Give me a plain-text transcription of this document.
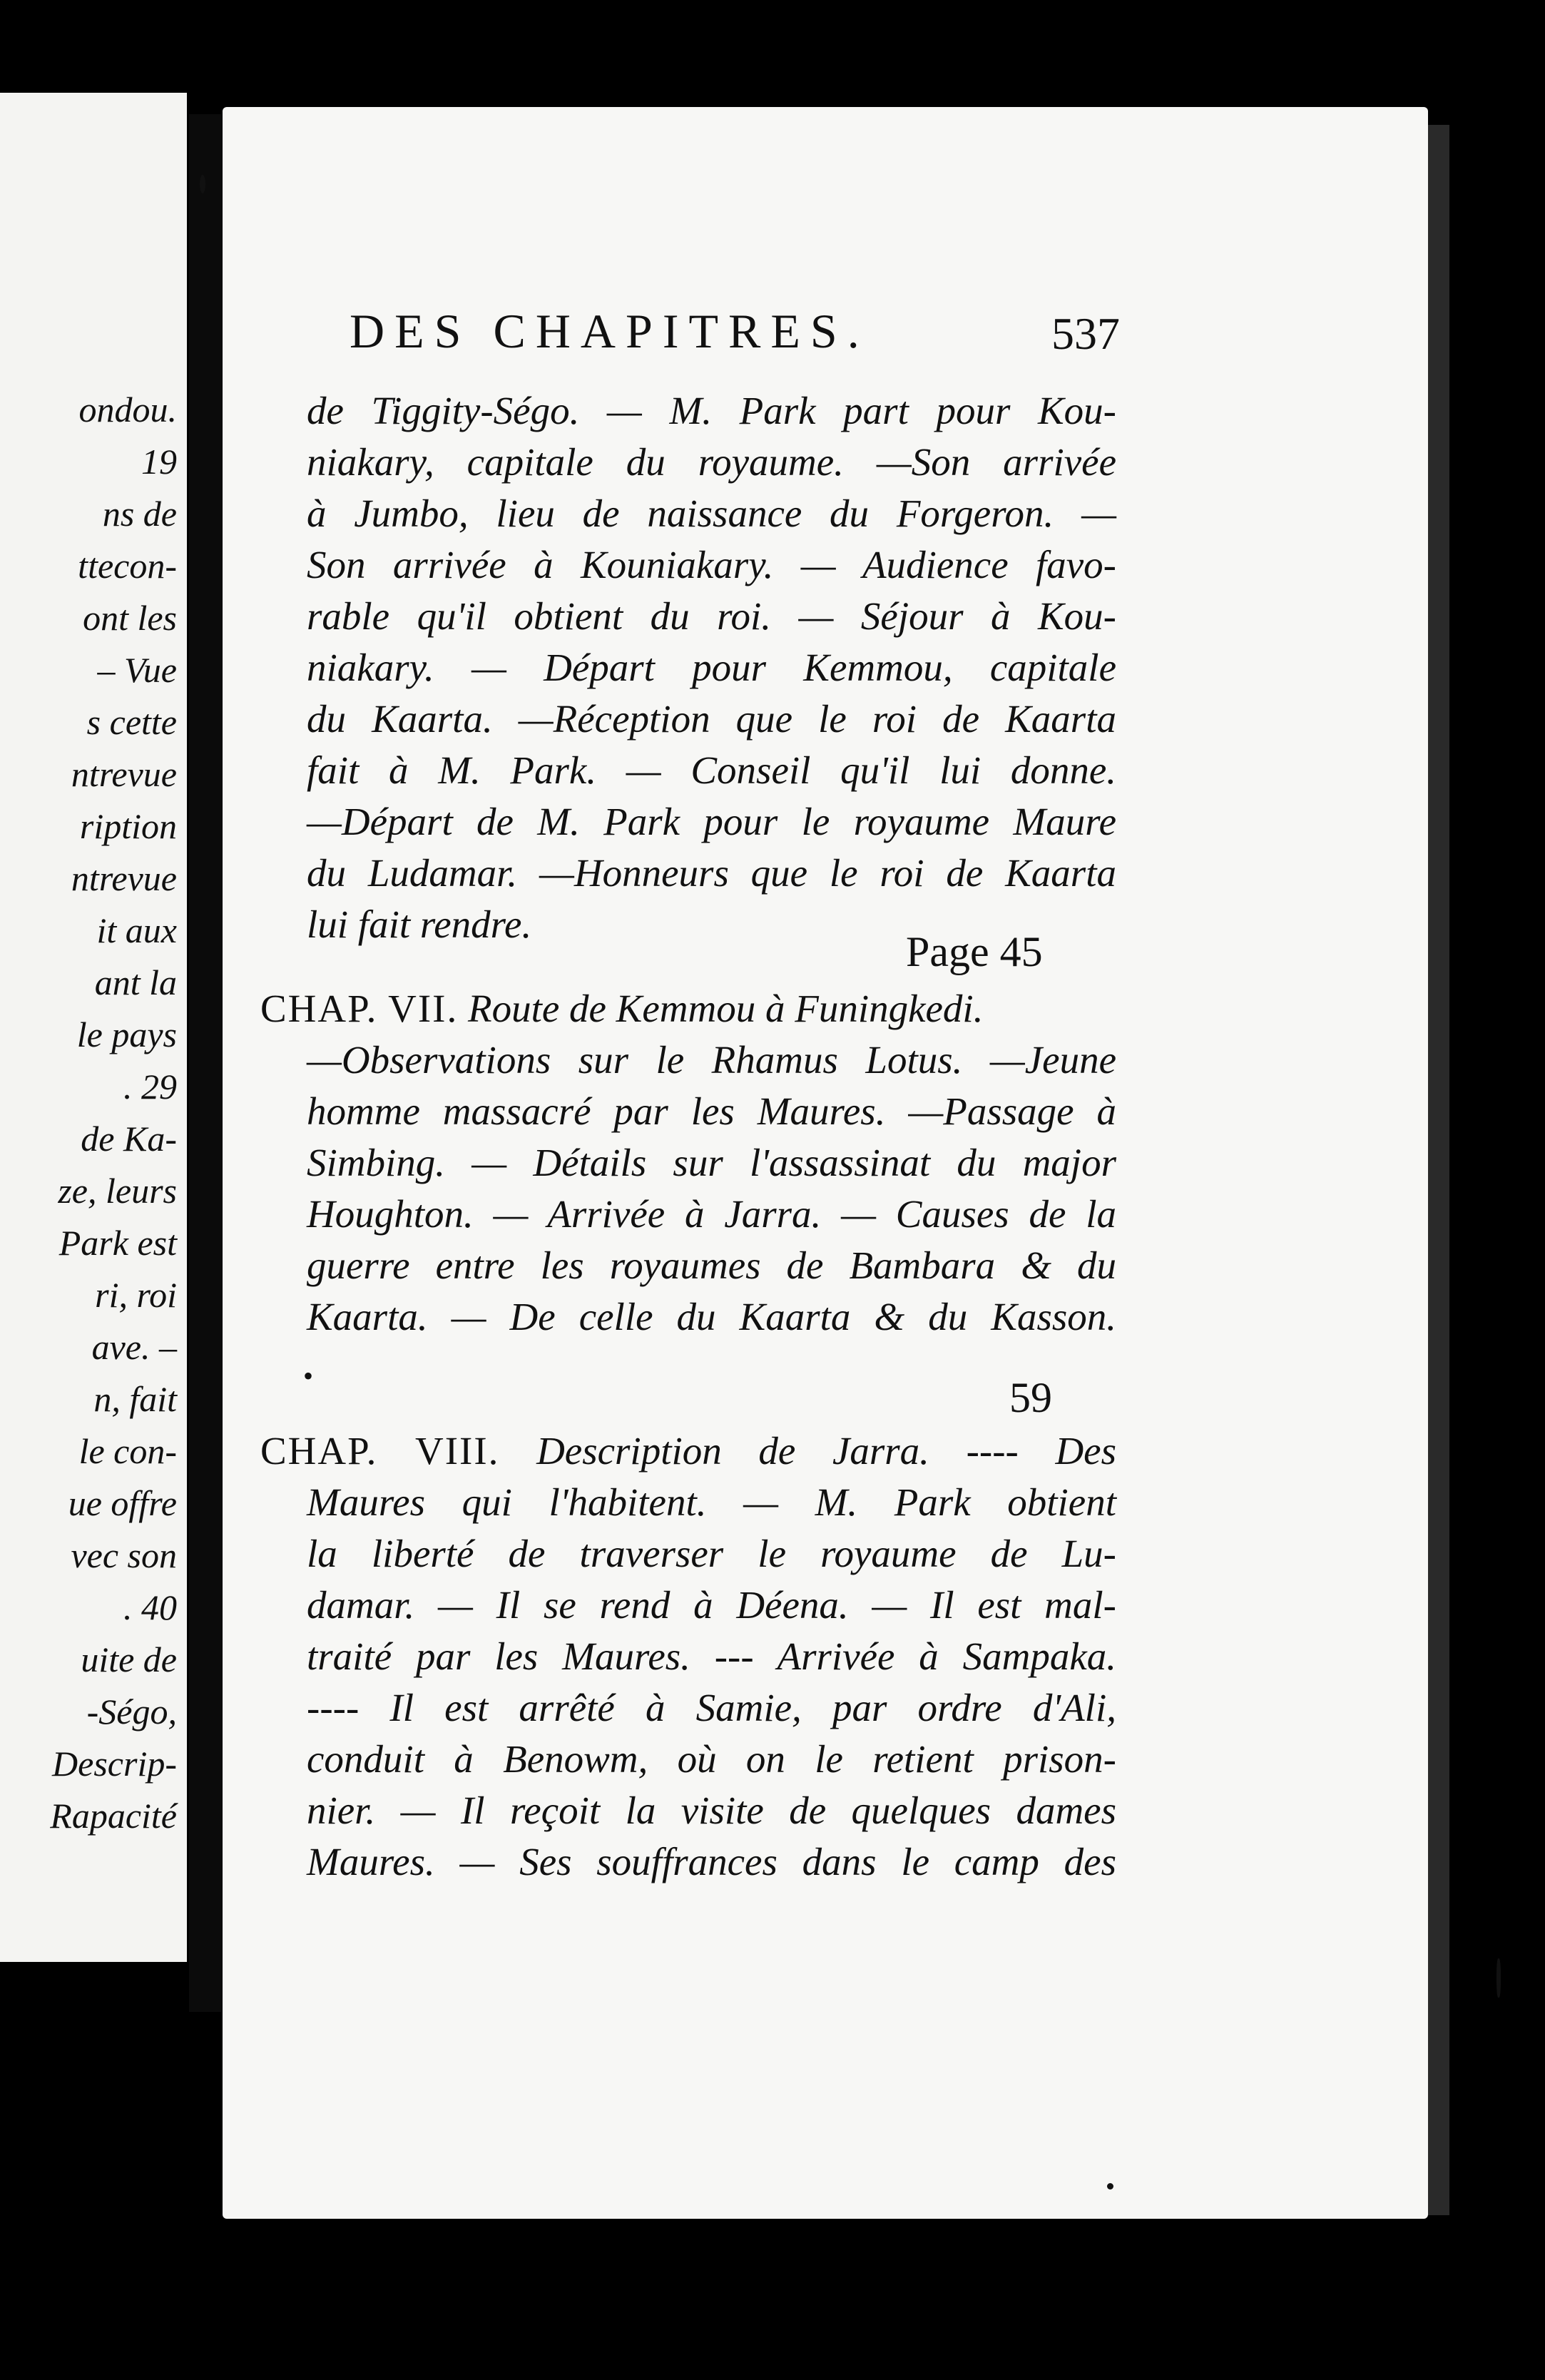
ondou.
19
ns de
ttecon-
ont les
– Vue
s cette
ntrevue
ription
ntrevue
it aux
ant la
le pays
. 29
de Ka-
ze, leurs
Park est
ri, roi
ave. –
n, fait
le con-
ue offre
vec son
. 40
uite de
-Ségo,
Descrip-
Rapacité
DES CHAPITRES.	537
de Tiggity-Ségo. — M. Park part pour Kou-
niakary, capitale du royaume. —Son arrivée
à Jumbo, lieu de naissance du Forgeron. —
Son arrivée à Kouniakary. — Audience favo-
rable qu'il obtient du roi. — Séjour à Kou-
niakary. — Départ pour Kemmou, capitale
du Kaarta. —Réception que le roi de Kaarta
fait à M. Park. — Conseil qu'il lui donne.
—Départ de M. Park pour le royaume Maure
du Ludamar. —Honneurs que le roi de Kaarta
lui fait rendre.
Page 45
CHAP. VII. Route de Kemmou à Funingkedi.
—Observations sur le Rhamus Lotus. —Jeune
homme massacré par les Maures. —Passage à
Simbing. — Détails sur l'assassinat du major
Houghton. — Arrivée à Jarra. — Causes de la
guerre entre les royaumes de Bambara & du
Kaarta. — De celle du Kaarta & du Kasson.
•	59
CHAP. VIII. Description de Jarra. ---- Des
Maures qui l'habitent. — M. Park obtient
la liberté de traverser le royaume de Lu-
damar. — Il se rend à Déena. — Il est mal-
traité par les Maures. --- Arrivée à Sampaka.
---- Il est arrêté à Samie, par ordre d'Ali,
conduit à Benowm, où on le retient prison-
nier. — Il reçoit la visite de quelques dames
Maures. — Ses souffrances dans le camp des
